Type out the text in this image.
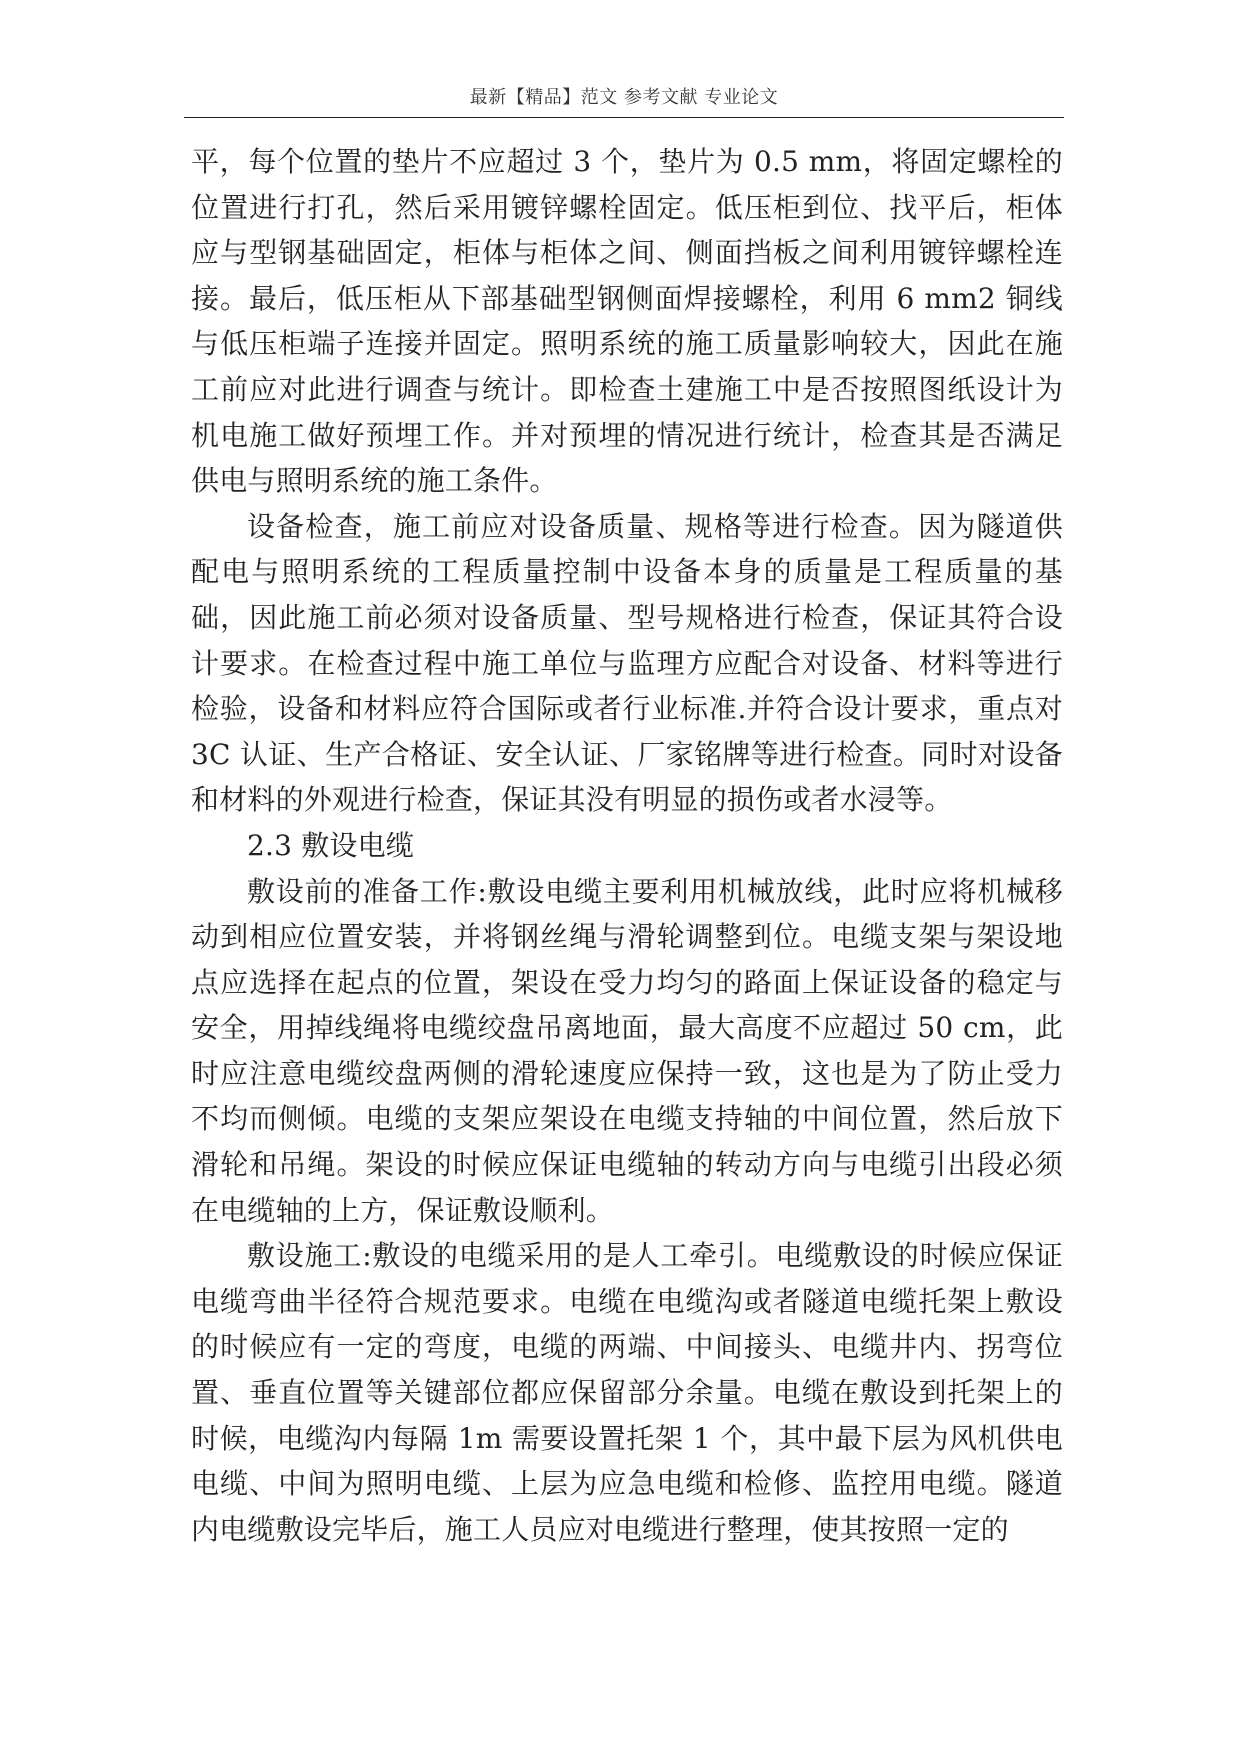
最新【精品】范文 参考文献 专业论文

平，每个位置的垫片不应超过 3 个，垫片为 0.5 mm，将固定螺栓的位置进行打孔，然后采用镀锌螺栓固定。低压柜到位、找平后，柜体应与型钢基础固定，柜体与柜体之间、侧面挡板之间利用镀锌螺栓连接。最后，低压柜从下部基础型钢侧面焊接螺栓，利用 6 mm2 铜线与低压柜端子连接并固定。照明系统的施工质量影响较大，因此在施工前应对此进行调查与统计。即检查土建施工中是否按照图纸设计为机电施工做好预埋工作。并对预埋的情况进行统计，检查其是否满足供电与照明系统的施工条件。

设备检查，施工前应对设备质量、规格等进行检查。因为隧道供配电与照明系统的工程质量控制中设备本身的质量是工程质量的基础，因此施工前必须对设备质量、型号规格进行检查，保证其符合设计要求。在检查过程中施工单位与监理方应配合对设备、材料等进行检验，设备和材料应符合国际或者行业标准.并符合设计要求，重点对 3C 认证、生产合格证、安全认证、厂家铭牌等进行检查。同时对设备和材料的外观进行检查，保证其没有明显的损伤或者水浸等。

2.3 敷设电缆

敷设前的准备工作:敷设电缆主要利用机械放线，此时应将机械移动到相应位置安装，并将钢丝绳与滑轮调整到位。电缆支架与架设地点应选择在起点的位置，架设在受力均匀的路面上保证设备的稳定与安全，用掉线绳将电缆绞盘吊离地面，最大高度不应超过 50 cm，此时应注意电缆绞盘两侧的滑轮速度应保持一致，这也是为了防止受力不均而侧倾。电缆的支架应架设在电缆支持轴的中间位置，然后放下滑轮和吊绳。架设的时候应保证电缆轴的转动方向与电缆引出段必须在电缆轴的上方，保证敷设顺利。

敷设施工:敷设的电缆采用的是人工牵引。电缆敷设的时候应保证电缆弯曲半径符合规范要求。电缆在电缆沟或者隧道电缆托架上敷设的时候应有一定的弯度，电缆的两端、中间接头、电缆井内、拐弯位置、垂直位置等关键部位都应保留部分余量。电缆在敷设到托架上的时候，电缆沟内每隔 1m 需要设置托架 1 个，其中最下层为风机供电电缆、中间为照明电缆、上层为应急电缆和检修、监控用电缆。隧道内电缆敷设完毕后，施工人员应对电缆进行整理，使其按照一定的
